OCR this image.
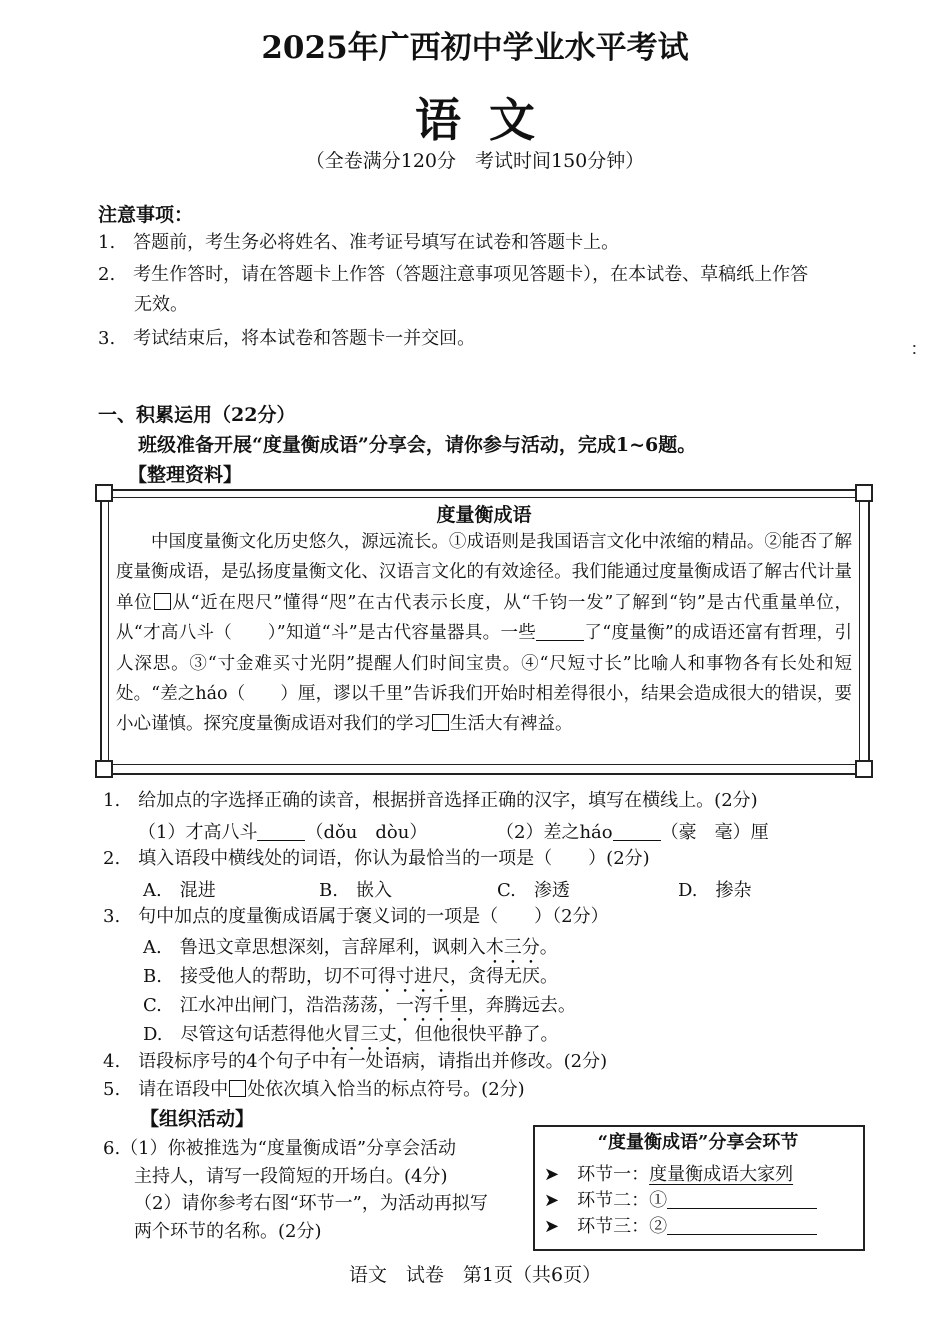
2025年广西初中学业水平考试
语文
（全卷满分120分　考试时间150分钟）
注意事项：
1.　答题前，考生务必将姓名、准考证号填写在试卷和答题卡上。
2.　考生作答时，请在答题卡上作答（答题注意事项见答题卡），在本试卷、草稿纸上作答
无效。
3.　考试结束后，将本试卷和答题卡一并交回。
∶
一、积累运用（22分）
班级准备开展“度量衡成语”分享会，请你参与活动，完成1~6题。
【整理资料】
度量衡成语

中国度量衡文化历史悠久，源远流长。①成语则是我国语言文化中浓缩的精品。②能否了解度量衡成语，是弘扬度量衡文化、汉语言文化的有效途径。我们能通过度量衡成语了解古代计量单位 从“近在咫尺”懂得“咫”在古代表示长度，从“千钧一发”了解到“钧”是古代重量单位，从“才高八斗（　　）”知道“斗”是古代容量器具。一些	了“度量衡”的成语还富有哲理，引人深思。③“寸金难买寸光阴”提醒人们时间宝贵。④“尺短寸长”比喻人和事物各有长处和短处。“差之háo（　　）厘，谬以千里”告诉我们开始时相差得很小，结果会造成很大的错误，要小心谨慎。探究度量衡成语对我们的学习 生活大有裨益。

1.　给加点的字选择正确的读音，根据拼音选择正确的汉字，填写在横线上。(2分)
（1）才高八斗	（dǒu　dòu）	（2）差之háo	（豪　毫）厘
2.　填入语段中横线处的词语，你认为最恰当的一项是（　　）(2分)
A.　混进	B.　嵌入	C.　渗透	D.　掺杂
3.　句中加点的度量衡成语属于褒义词的一项是（　　）（2分）
A.　鲁迅文章思想深刻，言辞犀利，讽刺入木三分。
B.　接受他人的帮助，切不可得寸进尺，贪得无厌。
C.　江水冲出闸门，浩浩荡荡，一泻千里，奔腾远去。
D.　尽管这句话惹得他火冒三丈，但他很快平静了。
4.　语段标序号的4个句子中有一处语病，请指出并修改。(2分)
5.　请在语段中 处依次填入恰当的标点符号。(2分)
【组织活动】
6.（1）你被推选为“度量衡成语”分享会活动
主持人，请写一段简短的开场白。(4分)
（2）请你参考右图“环节一”，为活动再拟写
两个环节的名称。(2分)
“度量衡成语”分享会环节
➤　环节一：度量衡成语大家列
➤　环节二：①
➤　环节三：②
语文　试卷　第1页（共6页）
